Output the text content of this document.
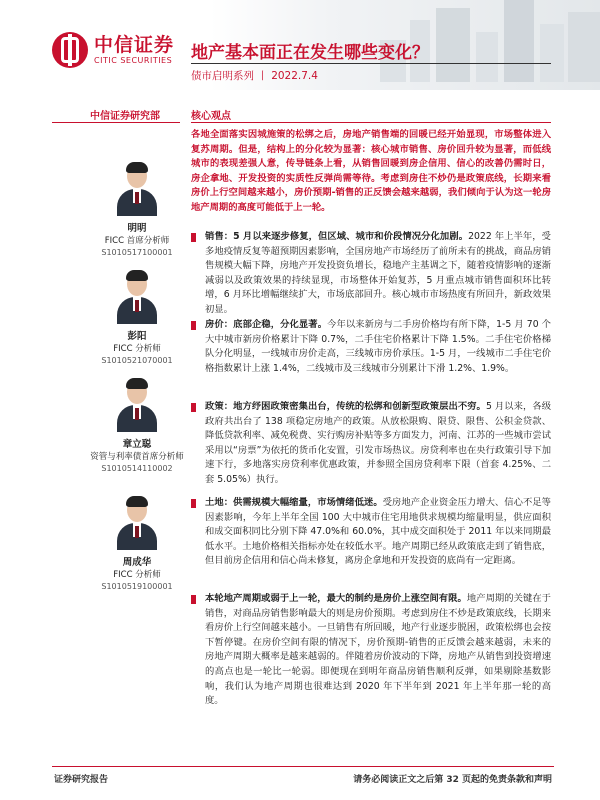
中信证券
CITIC SECURITIES 地产基本面正在发生哪些变化？
债市启明系列 丨 2022.7.4
中信证券研究部	核心观点
明明
FICC 首席分析师
S1010517100001
彭阳
FICC 分析师
S1010521070001
章立聪
资管与利率债首席分析师
S1010514110002
周成华
FICC 分析师
S1010519100001
各地全面落实因城施策的松绑之后，房地产销售端的回暖已经开始显现，市场整体进入复苏周期。但是，结构上的分化较为显著：核心城市销售、房价回升较为显著，而低线城市的表现差强人意，传导链条上看，从销售回暖到房企信用、信心的改善仍需时日，房企拿地、开发投资的实质性反弹尚需等待。考虑到房住不炒仍是政策底线，长期来看房价上行空间越来越小，房价预期-销售的正反馈会越来越弱，我们倾向于认为这一轮房地产周期的高度可能低于上一轮。
销售：5 月以来逐步修复，但区域、城市和价段情况分化加剧。2022 年上半年，受多地疫情反复等超预期因素影响，全国房地产市场经历了前所未有的挑战，商品房销售规模大幅下降，房地产开发投资负增长，稳地产主基调之下，随着疫情影响的逐渐减弱以及政策效果的持续显现，市场整体开始复苏，5 月重点城市销售面积环比转增，6 月环比增幅继续扩大，市场底部回升。核心城市市场热度有所回升，新政效果初显。
房价：底部企稳，分化显著。今年以来新房与二手房价格均有所下降，1-5 月 70 个大中城市新房价格累计下降 0.7%，二手住宅价格累计下降 1.5%。二手住宅价格梯队分化明显，一线城市房价走高，三线城市房价承压。1-5 月，一线城市二手住宅价格指数累计上涨 1.4%，二线城市及三线城市分别累计下滑 1.2%、1.9%。
政策：地方纾困政策密集出台，传统的松绑和创新型政策层出不穷。5 月以来，各级政府共出台了 138 项稳定房地产的政策。从放松限购、限贷、限售、公积金贷款、降低贷款利率、减免税费、实行购房补贴等多方面发力，河南、江苏的一些城市尝试采用以“房票”为依托的货币化安置，引发市场热议。房贷利率也在央行政策引导下加速下行，多地落实房贷利率优惠政策，并参照全国房贷利率下限（首套 4.25%、二套 5.05%）执行。
土地：供需规模大幅缩量，市场情绪低迷。受房地产企业资金压力增大、信心不足等因素影响，今年上半年全国 100 大中城市住宅用地供求规模均缩量明显，供应面积和成交面积同比分别下降 47.0%和 60.0%，其中成交面积处于 2011 年以来同期最低水平。土地价格相关指标亦处在较低水平。地产周期已经从政策底走到了销售底，但目前房企信用和信心尚未修复，离房企拿地和开发投资的底尚有一定距离。
本轮地产周期或弱于上一轮，最大的制约是房价上涨空间有限。地产周期的关键在于销售，对商品房销售影响最大的则是房价预期。考虑到房住不炒是政策底线，长期来看房价上行空间越来越小。一旦销售有所回暖，地产行业逐步脱困，政策松绑也会按下暂停键。在房价空间有限的情况下，房价预期-销售的正反馈会越来越弱，未来的房地产周期大概率是越来越弱的。伴随着房价波动的下降，房地产从销售到投资增速的高点也是一轮比一轮弱。即便现在到明年商品房销售顺利反弹，如果剔除基数影响，我们认为地产周期也很难达到 2020 年下半年到 2021 年上半年那一轮的高度。
证券研究报告	请务必阅读正文之后第 32 页起的免责条款和声明
